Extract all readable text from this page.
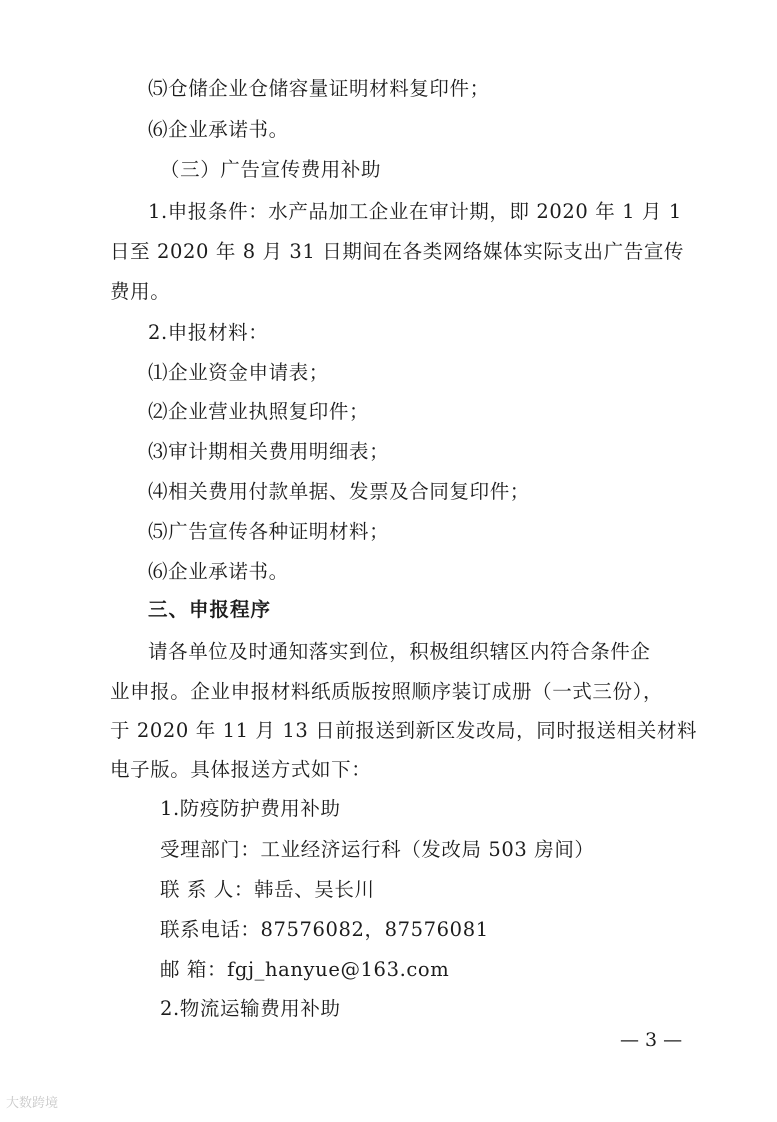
⑸仓储企业仓储容量证明材料复印件；

⑹企业承诺书。

（三）广告宣传费用补助

1.申报条件：水产品加工企业在审计期，即 2020 年 1 月 1

日至 2020 年 8 月 31 日期间在各类网络媒体实际支出广告宣传

费用。

2.申报材料：

⑴企业资金申请表；

⑵企业营业执照复印件；

⑶审计期相关费用明细表；

⑷相关费用付款单据、发票及合同复印件；

⑸广告宣传各种证明材料；

⑹企业承诺书。

三、申报程序

请各单位及时通知落实到位，积极组织辖区内符合条件企

业申报。企业申报材料纸质版按照顺序装订成册（一式三份），

于 2020 年 11 月 13 日前报送到新区发改局，同时报送相关材料

电子版。具体报送方式如下：

1.防疫防护费用补助

受理部门：工业经济运行科（发改局 503 房间）

联 系 人：韩岳、吴长川

联系电话：87576082，87576081

邮 箱：fgj_hanyue@163.com

2.物流运输费用补助

— 3 —
大数跨境
